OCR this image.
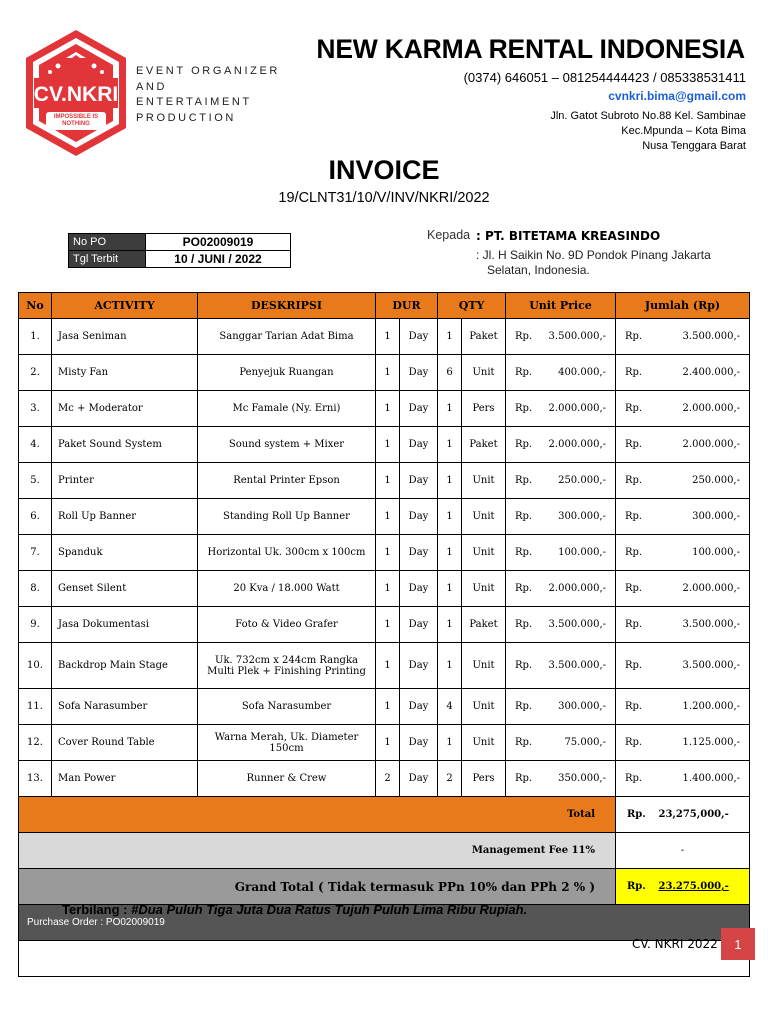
CV.NKRI
IMPOSSIBLE IS NOTHING
EVENT ORGANIZER
AND
ENTERTAIMENT
PRODUCTION
NEW KARMA RENTAL INDONESIA
(0374) 646051 – 081254444423 / 085338531411
cvnkri.bima@gmail.com
Jln. Gatot Subroto No.88 Kel. Sambinae
Kec.Mpunda – Kota Bima
Nusa Tenggara Barat
INVOICE
19/CLNT31/10/V/INV/NKRI/2022
No PO	PO02009019
Tgl Terbit	10 / JUNI / 2022
Kepada : PT. BITETAMA KREASINDO
: Jl. H Saikin No. 9D Pondok Pinang Jakarta
Selatan, Indonesia.
No	ACTIVITY	DESKRIPSI	DUR		QTY		Unit Price	Jumlah (Rp)
1.	Jasa Seniman	Sanggar Tarian Adat Bima	1	Day	1	Paket	Rp. 3.500.000,-	Rp. 3.500.000,-

2.	Misty Fan	Penyejuk Ruangan	1	Day	6	Unit	Rp. 400.000,-	Rp. 2.400.000,-

3.	Mc + Moderator	Mc Famale (Ny. Erni)	1	Day	1	Pers	Rp. 2.000.000,-	Rp. 2.000.000,-

4.	Paket Sound System	Sound system + Mixer	1	Day	1	Paket	Rp. 2.000.000,-	Rp. 2.000.000,-

5.	Printer	Rental Printer Epson	1	Day	1	Unit	Rp. 250.000,-	Rp. 250.000,-

6.	Roll Up Banner	Standing Roll Up Banner	1	Day	1	Unit	Rp. 300.000,-	Rp. 300.000,-

7.	Spanduk	Horizontal Uk. 300cm x 100cm	1	Day	1	Unit	Rp. 100.000,-	Rp. 100.000,-

8.	Genset Silent	20 Kva / 18.000 Watt	1	Day	1	Unit	Rp. 2.000.000,-	Rp. 2.000.000,-

9.	Jasa Dokumentasi	Foto & Video Grafer	1	Day	1	Paket	Rp. 3.500.000,-	Rp. 3.500.000,-

10.	Backdrop Main Stage	Uk. 732cm x 244cm Rangka Multi Plek + Finishing Printing	1	Day	1	Unit	Rp. 3.500.000,-	Rp. 3.500.000,-

11.	Sofa Narasumber	Sofa Narasumber	1	Day	4	Unit	Rp. 300.000,-	Rp. 1.200.000,-

12.	Cover Round Table	Warna Merah, Uk. Diameter 150cm	1	Day	1	Unit	Rp. 75.000,-	Rp. 1.125.000,-

13.	Man Power	Runner & Crew	2	Day	2	Pers	Rp. 350.000,-	Rp. 1.400.000,-

Total								Rp. 23,275,000,-
Management Fee 11%								-
Grand Total ( Tidak termasuk PPn 10% dan PPh 2 % )								Rp. 23.275.000,-
Purchase Order : PO02009019								

Terbilang : #Dua Puluh Tiga Juta Dua Ratus Tujuh Puluh Lima Ribu Rupiah.
CV. NKRI 2022	1
